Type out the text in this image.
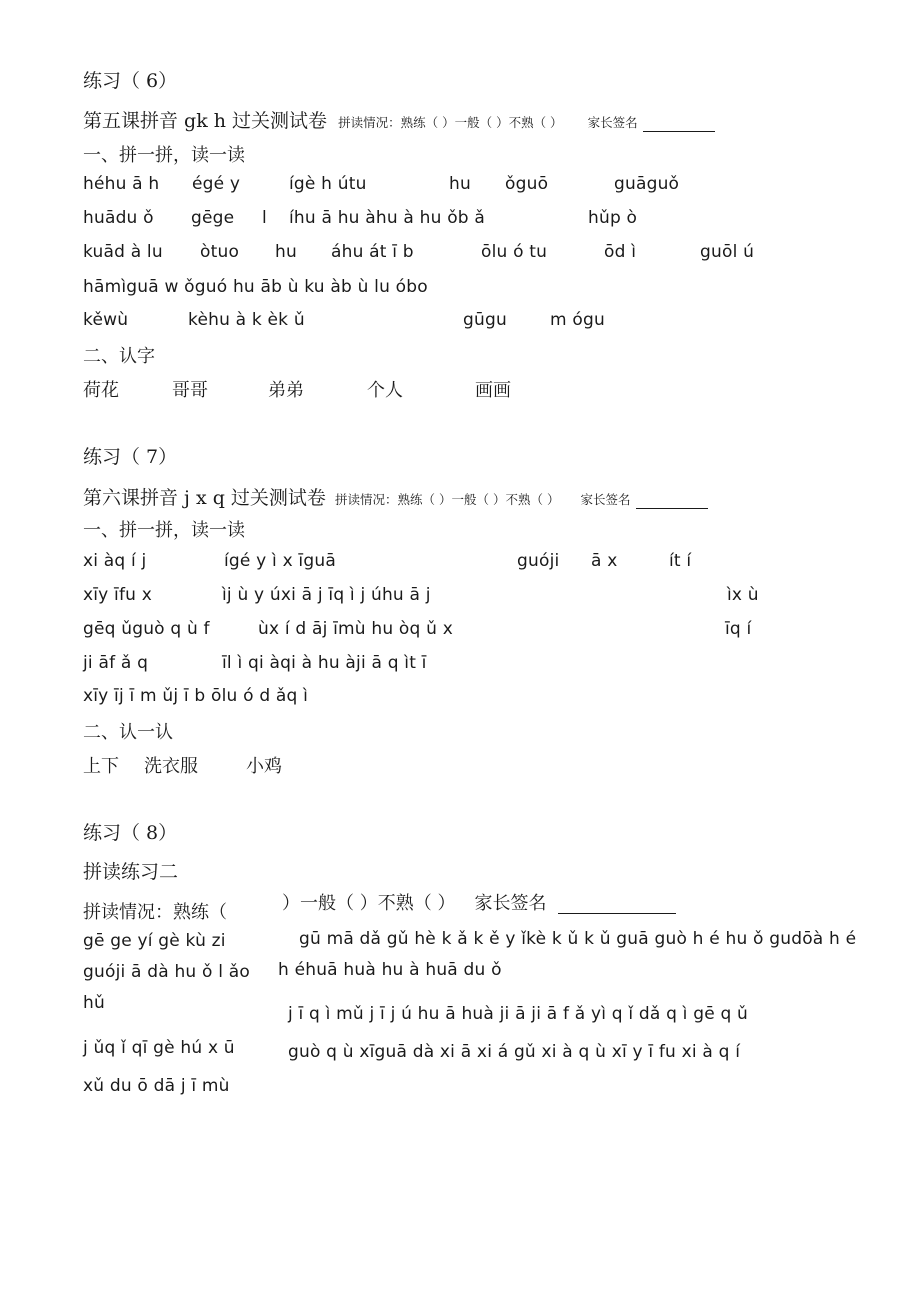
练习（ 6）
第五课拼音 gk h 过关测试卷 拼读情况：熟练（ ）一般（ ）不熟（ ） 家长签名
一、拼一拼，读一读
héhu ā h égé y	ígè h útu	hu ǒguō	guāguǒ
huādu ǒ gēge l íhu ā hu àhu à hu ǒb ǎ	hǔp ò
kuād à lu òtuo hu áhu át ī b	ōlu ó tu	ōd ì	guōl ú
hāmìguā w ǒguó hu āb ù ku àb ù lu óbo
kěwù	kèhu à k èk ǔ	gūgu	m ógu
二、认字
荷花	哥哥	弟弟	个人	画画
练习（ 7）
第六课拼音 j x q 过关测试卷 拼读情况：熟练（ ）一般（ ）不熟（ ） 家长签名
一、拼一拼，读一读
xi àq í j	ígé y ì x īguā	guóji ā x	ít í
xīy īfu x	ìj ù y úxi ā j īq ì j úhu ā j	ìx ù
gēq ǔguò q ù f	ùx í d āj īmù hu òq ǔ x	īq í
ji āf ǎ q	īl ì qi àqi à hu àji ā q ìt ī
xīy īj ī m ǔj ī b ōlu ó d ǎq ì
二、认一认
上下 洗衣服	小鸡
练习（ 8）
拼读练习二
拼读情况：熟练（	）一般（ ）不熟（ ） 家长签名
gē ge yí gè kù zi
guóji ā dà hu ǒ l ǎo
hǔ
j ǔq ǐ qī gè hú x ū
xǔ du ō dā j ī mù
gū mā dǎ gǔ hè k ǎ k ě y ǐkè k ǔ k ǔ guā guò h é hu ǒ gudōà h é
h éhuā huà hu à huā du ǒ
j ī q ì mǔ j ī j ú hu ā huà ji ā ji ā f ǎ yì q ǐ dǎ q ì gē q ǔ
guò q ù xīguā dà xi ā xi á gǔ xi à q ù xī y ī fu xi à q í
